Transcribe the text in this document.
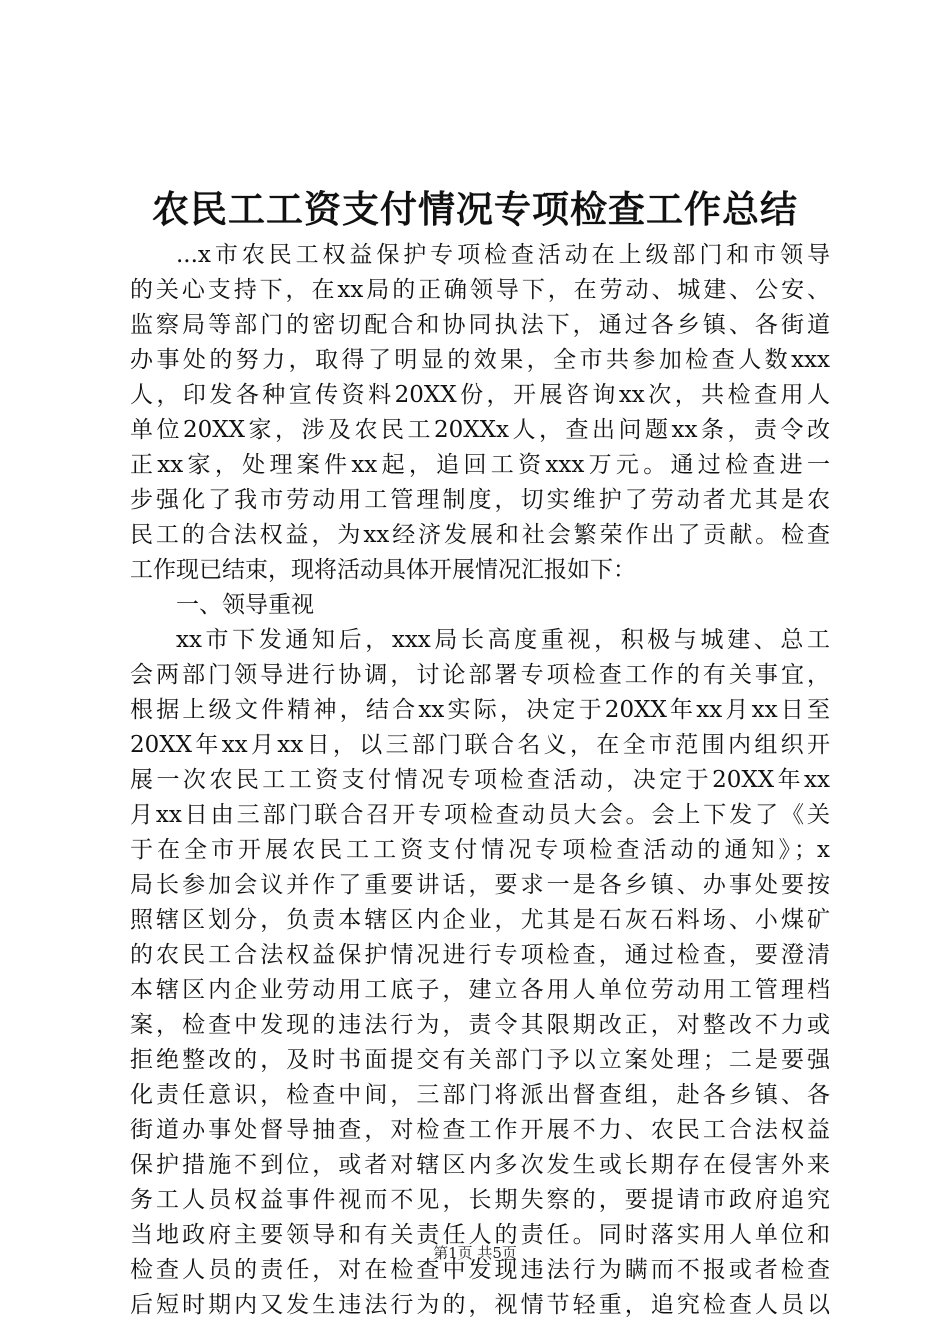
农民工工资支付情况专项检查工作总结
...x市农民工权益保护专项检查活动在上级部门和市领导
的关心支持下，在xx局的正确领导下，在劳动、城建、公安、
监察局等部门的密切配合和协同执法下，通过各乡镇、各街道
办事处的努力，取得了明显的效果，全市共参加检查人数xxx
人，印发各种宣传资料20XX份，开展咨询xx次，共检查用人
单位20XX家，涉及农民工20XXx人，查出问题xx条，责令改
正xx家，处理案件xx起，追回工资xxx万元。通过检查进一
步强化了我市劳动用工管理制度，切实维护了劳动者尤其是农
民工的合法权益，为xx经济发展和社会繁荣作出了贡献。检查
工作现已结束，现将活动具体开展情况汇报如下：
一、领导重视
xx市下发通知后，xxx局长高度重视，积极与城建、总工
会两部门领导进行协调，讨论部署专项检查工作的有关事宜，
根据上级文件精神，结合xx实际，决定于20XX年xx月xx日至
20XX年xx月xx日，以三部门联合名义，在全市范围内组织开
展一次农民工工资支付情况专项检查活动，决定于20XX年xx
月xx日由三部门联合召开专项检查动员大会。会上下发了《关
于在全市开展农民工工资支付情况专项检查活动的通知》；x
局长参加会议并作了重要讲话，要求一是各乡镇、办事处要按
照辖区划分，负责本辖区内企业，尤其是石灰石料场、小煤矿
的农民工合法权益保护情况进行专项检查，通过检查，要澄清
本辖区内企业劳动用工底子，建立各用人单位劳动用工管理档
案，检查中发现的违法行为，责令其限期改正，对整改不力或
拒绝整改的，及时书面提交有关部门予以立案处理；二是要强
化责任意识，检查中间，三部门将派出督查组，赴各乡镇、各
街道办事处督导抽查，对检查工作开展不力、农民工合法权益
保护措施不到位，或者对辖区内多次发生或长期存在侵害外来
务工人员权益事件视而不见，长期失察的，要提请市政府追究
当地政府主要领导和有关责任人的责任。同时落实用人单位和
检查人员的责任，对在检查中发现违法行为瞒而不报或者检查
后短时期内又发生违法行为的，视情节轻重，追究检查人员以
第1页 共5页
